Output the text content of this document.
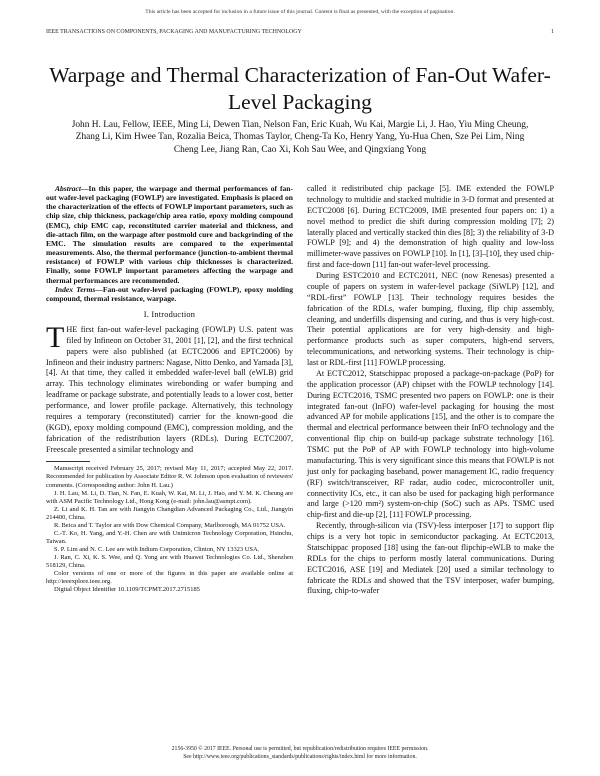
This article has been accepted for inclusion in a future issue of this journal. Content is final as presented, with the exception of pagination.
IEEE TRANSACTIONS ON COMPONENTS, PACKAGING AND MANUFACTURING TECHNOLOGY	1
Warpage and Thermal Characterization of Fan-Out Wafer-Level Packaging
John H. Lau, Fellow, IEEE, Ming Li, Dewen Tian, Nelson Fan, Eric Kuah, Wu Kai, Margie Li, J. Hao, Yiu Ming Cheung, Zhang Li, Kim Hwee Tan, Rozalia Beica, Thomas Taylor, Cheng-Ta Ko, Henry Yang, Yu-Hua Chen, Sze Pei Lim, Ning Cheng Lee, Jiang Ran, Cao Xi, Koh Sau Wee, and Qingxiang Yong

Abstract—In this paper, the warpage and thermal performances of fan-out wafer-level packaging (FOWLP) are investigated. Emphasis is placed on the characterization of the effects of FOWLP important parameters, such as chip size, chip thickness, package/chip area ratio, epoxy molding compound (EMC), chip EMC cap, reconstituted carrier material and thickness, and die-attach film, on the warpage after postmold cure and backgrinding of the EMC. The simulation results are compared to the experimental measurements. Also, the thermal performance (junction-to-ambient thermal resistance) of FOWLP with various chip thicknesses is characterized. Finally, some FOWLP important parameters affecting the warpage and thermal performances are recommended.

Index Terms—Fan-out wafer-level packaging (FOWLP), epoxy molding compound, thermal resistance, warpage.

I. Introduction

THE first fan-out wafer-level packaging (FOWLP) U.S. patent was filed by Infineon on October 31, 2001 [1], [2], and the first technical papers were also published (at ECTC2006 and EPTC2006) by Infineon and their industry partners: Nagase, Nitto Denko, and Yamada [3], [4]. At that time, they called it embedded wafer-level ball (eWLB) grid array. This technology eliminates wirebonding or wafer bumping and leadframe or package substrate, and potentially leads to a lower cost, better performance, and lower profile package. Alternatively, this technology requires a temporary (reconstituted) carrier for the known-good die (KGD), epoxy molding compound (EMC), compression molding, and the fabrication of the redistribution layers (RDLs). During ECTC2007, Freescale presented a similar technology and

Manuscript received February 25, 2017; revised May 11, 2017; accepted May 22, 2017. Recommended for publication by Associate Editor R. W. Johnson upon evaluation of reviewers' comments. (Corresponding author: John H. Lau.)

J. H. Lau, M. Li, D. Tian, N. Fan, E. Kuah, W. Kai, M. Li, J. Hao, and Y. M. K. Cheung are with ASM Pacific Technology Ltd., Hong Kong (e-mail: john.lau@asmpt.com).

Z. Li and K. H. Tan are with Jiangyin Changdian Advanced Packaging Co., Ltd., Jiangyin 214400, China.

R. Beica and T. Taylor are with Dow Chemical Company, Marlborough, MA 01752 USA.

C.-T. Ko, H. Yang, and Y.-H. Chen are with Unimicron Technology Corporation, Hsinchu, Taiwan.

S. P. Lim and N. C. Lee are with Indium Corporation, Clinton, NY 13323 USA.

J. Ran, C. Xi, K. S. Wee, and Q. Yong are with Huawei Technologies Co. Ltd., Shenzhen 518129, China.

Color versions of one or more of the figures in this paper are available online at http://ieeexplore.ieee.org.

Digital Object Identifier 10.1109/TCPMT.2017.2715185

called it redistributed chip package [5]. IME extended the FOWLP technology to multidie and stacked multidie in 3-D format and presented at ECTC2008 [6]. During ECTC2009, IME presented four papers on: 1) a novel method to predict die shift during compression molding [7]; 2) laterally placed and vertically stacked thin dies [8]; 3) the reliability of 3-D FOWLP [9]; and 4) the demonstration of high quality and low-loss millimeter-wave passives on FOWLP [10]. In [1], [3]–[10], they used chip-first and face-down [11] fan-out wafer-level processing.

During ESTC2010 and ECTC2011, NEC (now Renesas) presented a couple of papers on system in wafer-level package (SiWLP) [12], and “RDL-first” FOWLP [13]. Their technology requires besides the fabrication of the RDLs, wafer bumping, fluxing, flip chip assembly, cleaning, and underfills dispensing and curing, and thus is very high-cost. Their potential applications are for very high-density and high-performance products such as super computers, high-end servers, telecommunications, and networking systems. Their technology is chip-last or RDL-first [11] FOWLP processing.

At ECTC2012, Statschippac proposed a package-on-package (PoP) for the application processor (AP) chipset with the FOWLP technology [14]. During ECTC2016, TSMC presented two papers on FOWLP: one is their integrated fan-out (InFO) wafer-level packaging for housing the most advanced AP for mobile applications [15], and the other is to compare the thermal and electrical performance between their InFO technology and the conventional flip chip on build-up package substrate technology [16]. TSMC put the PoP of AP with FOWLP technology into high-volume manufacturing. This is very significant since this means that FOWLP is not just only for packaging baseband, power management IC, radio frequency (RF) switch/transceiver, RF radar, audio codec, microcontroller unit, connectivity ICs, etc., it can also be used for packaging high performance and large (>120 mm²) system-on-chip (SoC) such as APs. TSMC used chip-first and die-up [2], [11] FOWLP processing.

Recently, through-silicon via (TSV)-less interposer [17] to support flip chips is a very hot topic in semiconductor packaging. At ECTC2013, Statschippac proposed [18] using the fan-out flipchip-eWLB to make the RDLs for the chips to perform mostly lateral communications. During ECTC2016, ASE [19] and Mediatek [20] used a similar technology to fabricate the RDLs and showed that the TSV interposer, wafer bumping, fluxing, chip-to-wafer

2156-3950 © 2017 IEEE. Personal use is permitted, but republication/redistribution requires IEEE permission.
See http://www.ieee.org/publications_standards/publications/rights/index.html for more information.
